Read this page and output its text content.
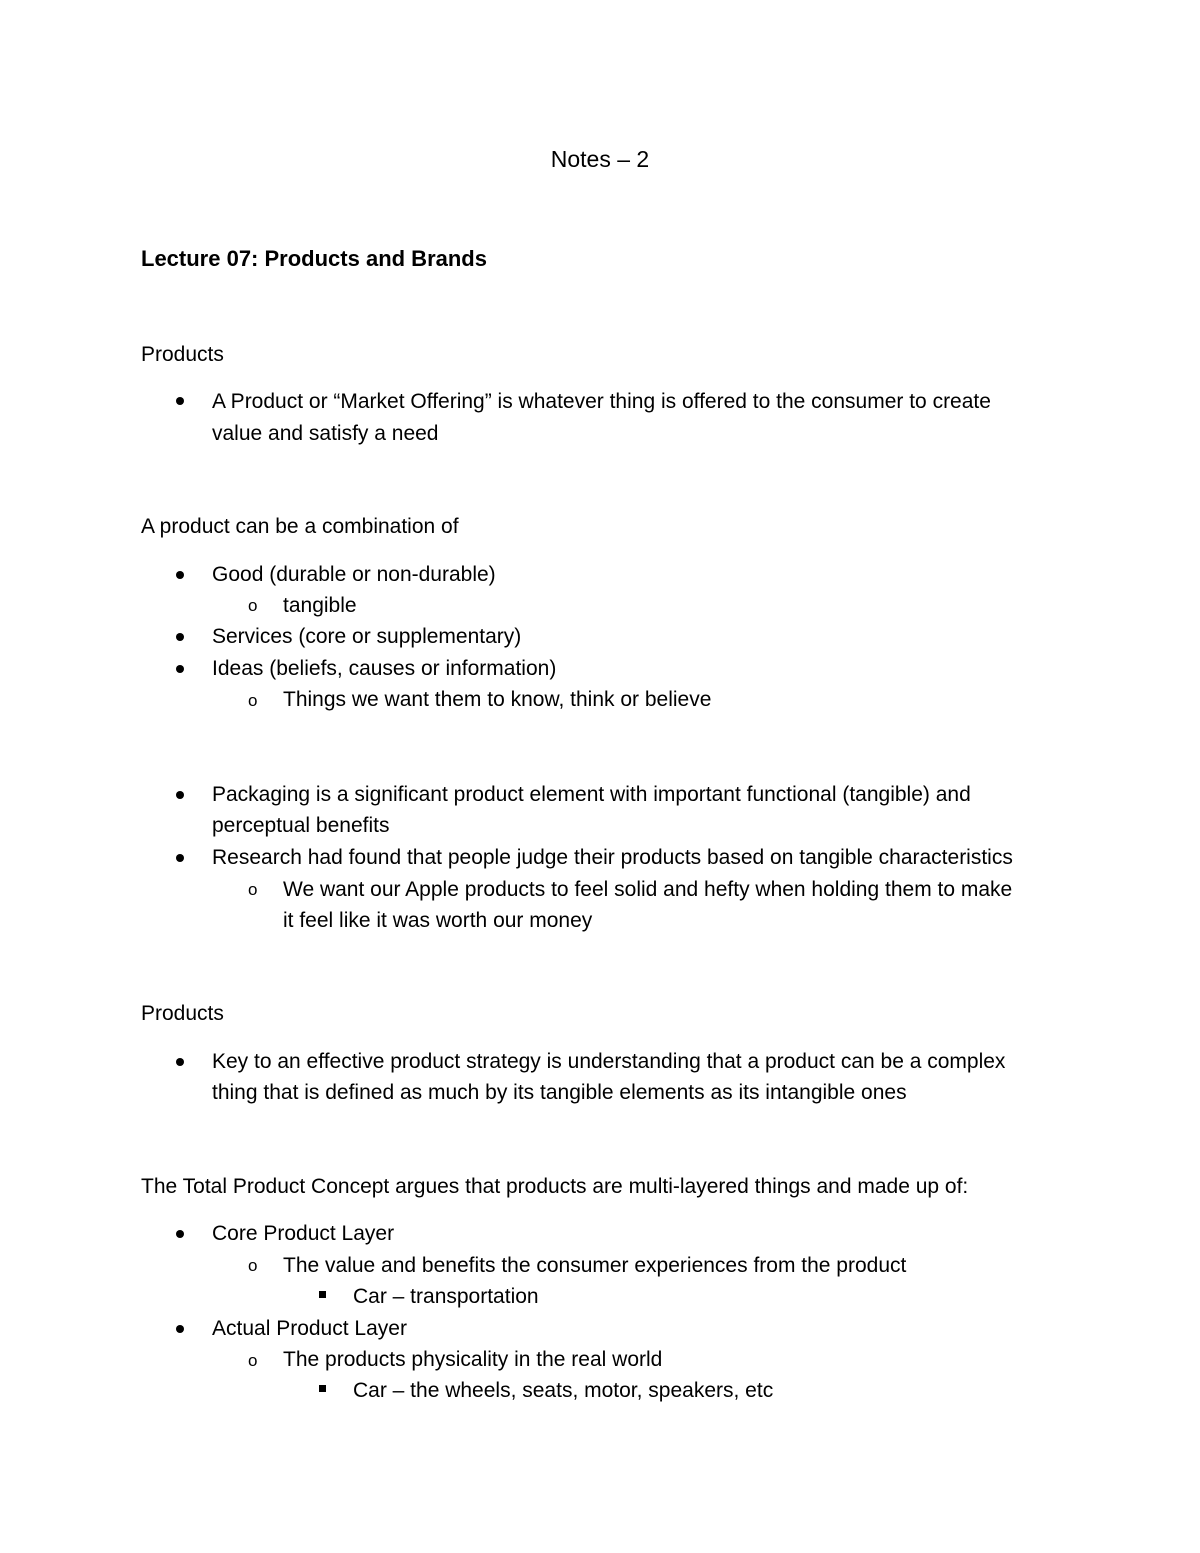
Notes – 2
Lecture 07: Products and Brands
Products
A Product or “Market Offering” is whatever thing is offered to the consumer to create
value and satisfy a need
A product can be a combination of
Good (durable or non-durable)
o tangible
Services (core or supplementary)
Ideas (beliefs, causes or information)
o Things we want them to know, think or believe
Packaging is a significant product element with important functional (tangible) and
perceptual benefits
Research had found that people judge their products based on tangible characteristics
o We want our Apple products to feel solid and hefty when holding them to make
it feel like it was worth our money
Products
Key to an effective product strategy is understanding that a product can be a complex
thing that is defined as much by its tangible elements as its intangible ones
The Total Product Concept argues that products are multi-layered things and made up of:
Core Product Layer
o The value and benefits the consumer experiences from the product
Car – transportation
Actual Product Layer
o The products physicality in the real world
Car – the wheels, seats, motor, speakers, etc
